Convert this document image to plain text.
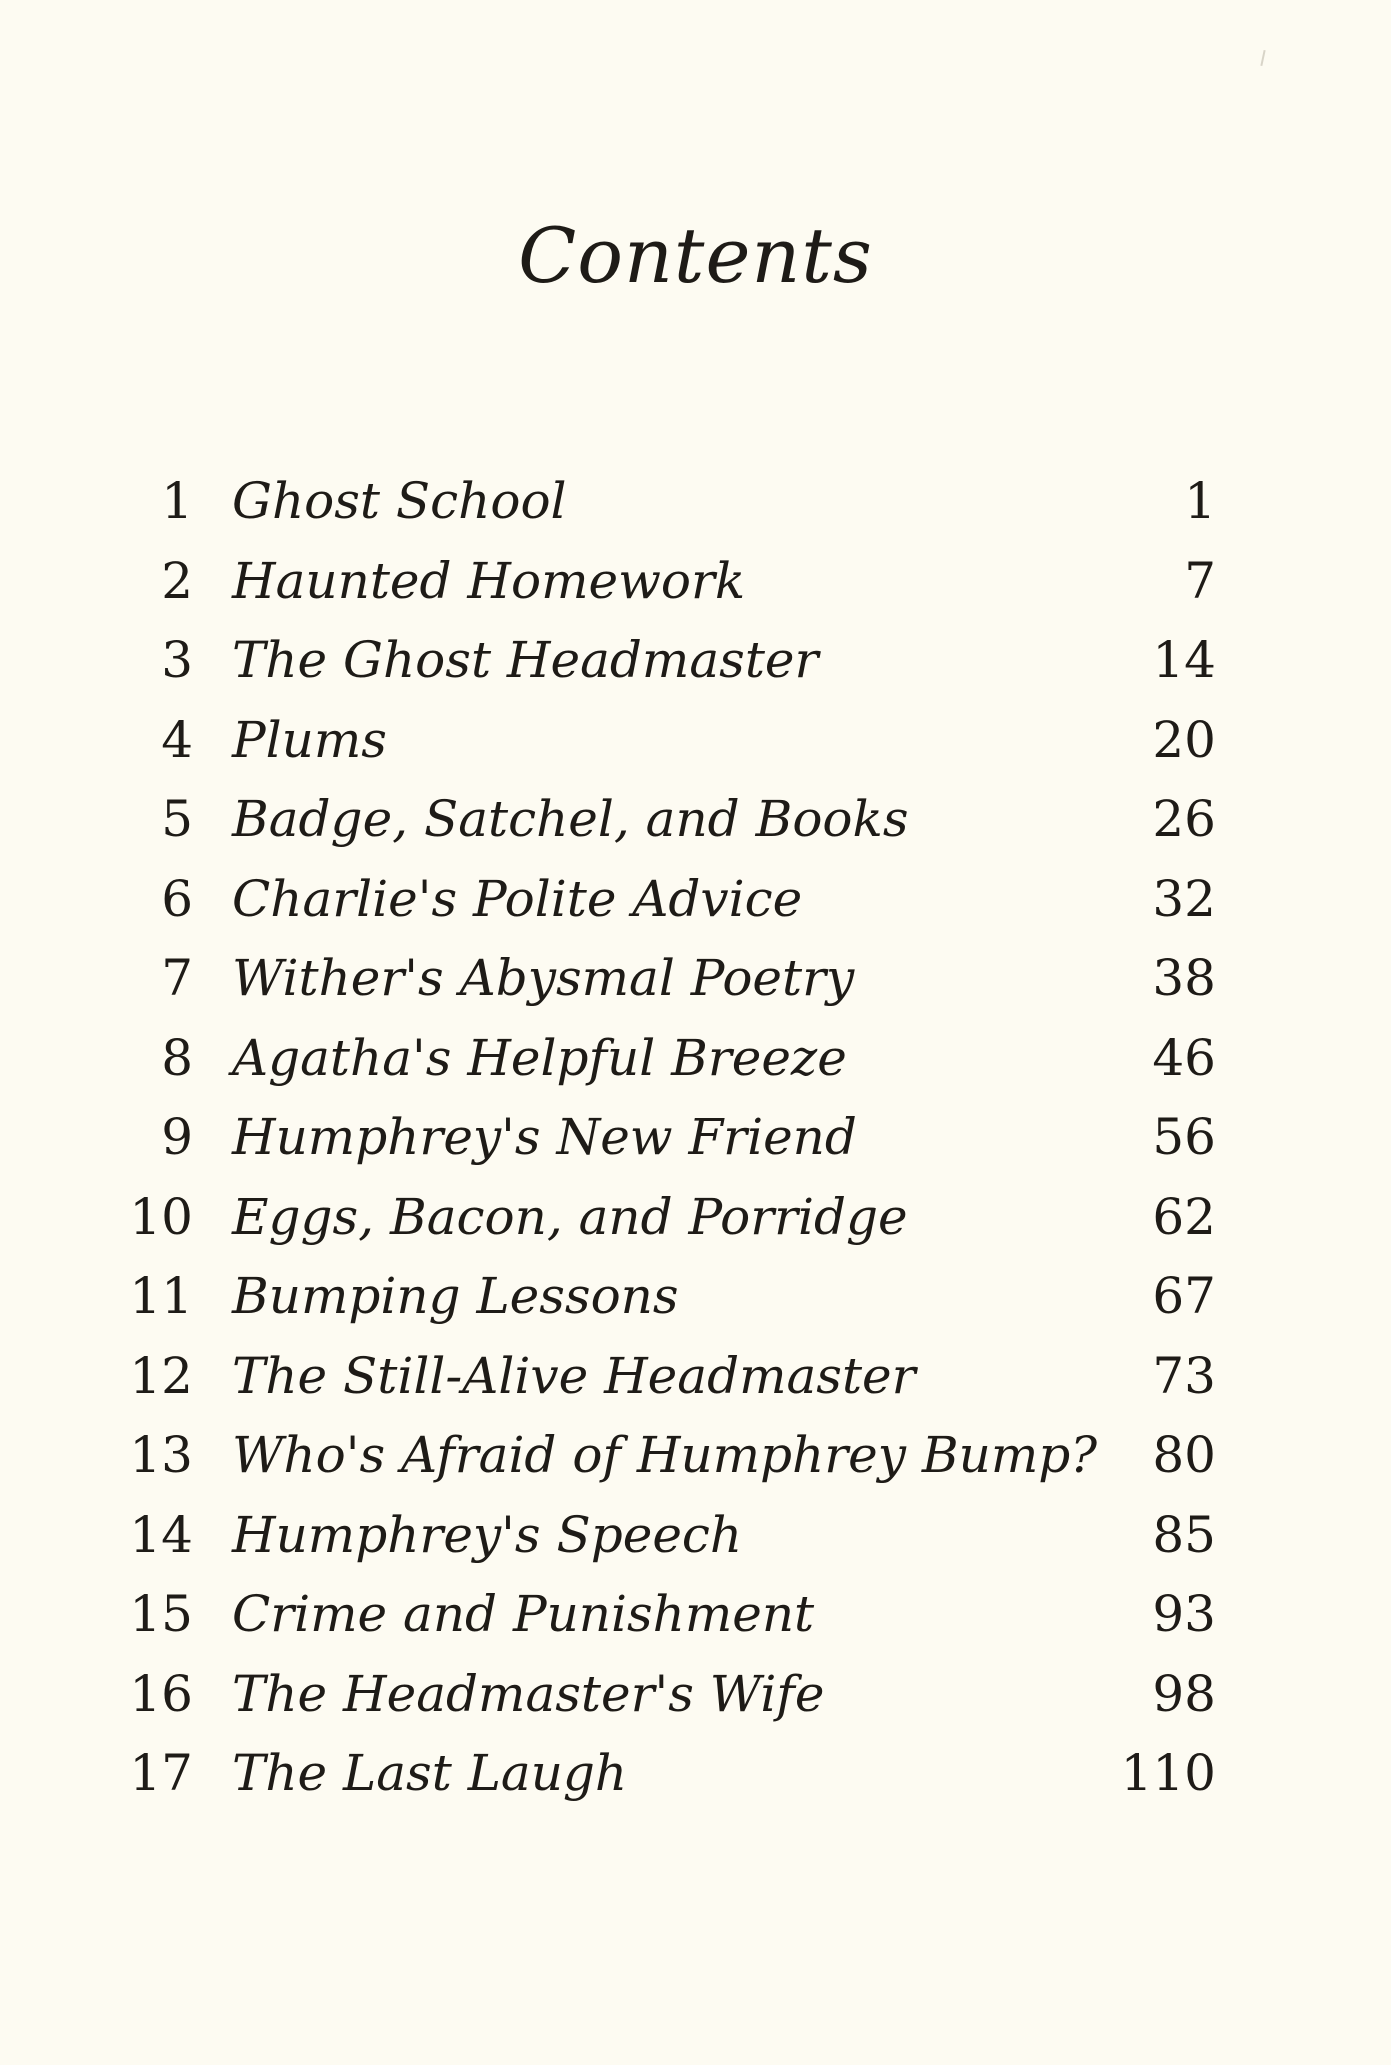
Contents
1 Ghost School	1
2 Haunted Homework	7
3 The Ghost Headmaster	14
4 Plums	20
5 Badge, Satchel, and Books	26
6 Charlie's Polite Advice	32
7 Wither's Abysmal Poetry	38
8 Agatha's Helpful Breeze	46
9 Humphrey's New Friend	56
10 Eggs, Bacon, and Porridge	62
11 Bumping Lessons	67
12 The Still-Alive Headmaster	73
13 Who's Afraid of Humphrey Bump? 80
14 Humphrey's Speech	85
15 Crime and Punishment	93
16 The Headmaster's Wife	98
17 The Last Laugh	110
